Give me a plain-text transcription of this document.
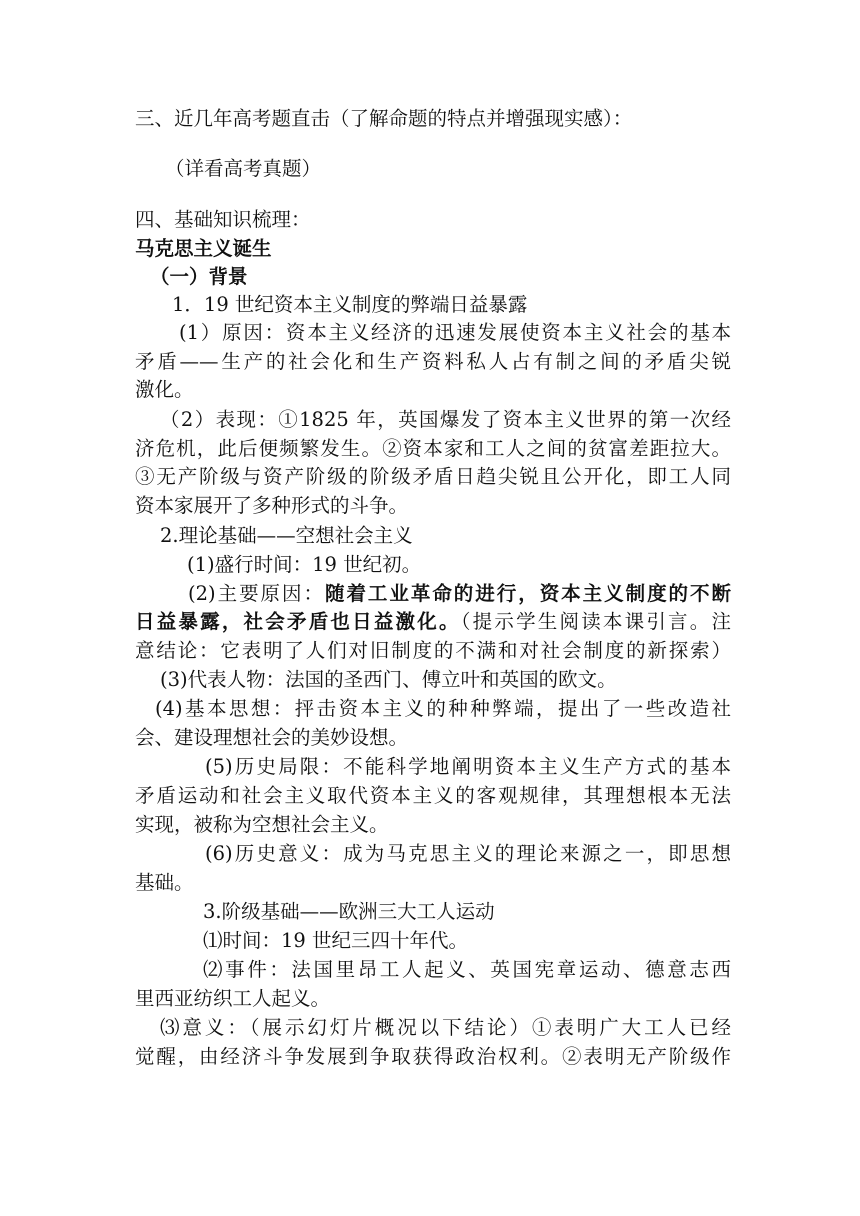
三、近几年高考题直击（了解命题的特点并增强现实感）：
（详看高考真题）
四、基础知识梳理：
马克思主义诞生
（一）背景
1．19 世纪资本主义制度的弊端日益暴露
(1）原因：资本主义经济的迅速发展使资本主义社会的基本
矛盾——生产的社会化和生产资料私人占有制之间的矛盾尖锐
激化。
（2）表现：①1825 年，英国爆发了资本主义世界的第一次经
济危机，此后便频繁发生。②资本家和工人之间的贫富差距拉大。
③无产阶级与资产阶级的阶级矛盾日趋尖锐且公开化，即工人同
资本家展开了多种形式的斗争。
2.理论基础——空想社会主义
(1)盛行时间：19 世纪初。
(2)主要原因：随着工业革命的进行，资本主义制度的不断
日益暴露，社会矛盾也日益激化。（提示学生阅读本课引言。注
意结论：它表明了人们对旧制度的不满和对社会制度的新探索）
(3)代表人物：法国的圣西门、傅立叶和英国的欧文。
(4)基本思想：抨击资本主义的种种弊端，提出了一些改造社
会、建设理想社会的美妙设想。
(5)历史局限：不能科学地阐明资本主义生产方式的基本
矛盾运动和社会主义取代资本主义的客观规律，其理想根本无法
实现，被称为空想社会主义。
(6)历史意义：成为马克思主义的理论来源之一，即思想
基础。
3.阶级基础——欧洲三大工人运动
⑴时间：19 世纪三四十年代。
⑵事件：法国里昂工人起义、英国宪章运动、德意志西
里西亚纺织工人起义。
⑶意义：（展示幻灯片概况以下结论）①表明广大工人已经
觉醒，由经济斗争发展到争取获得政治权利。②表明无产阶级作
